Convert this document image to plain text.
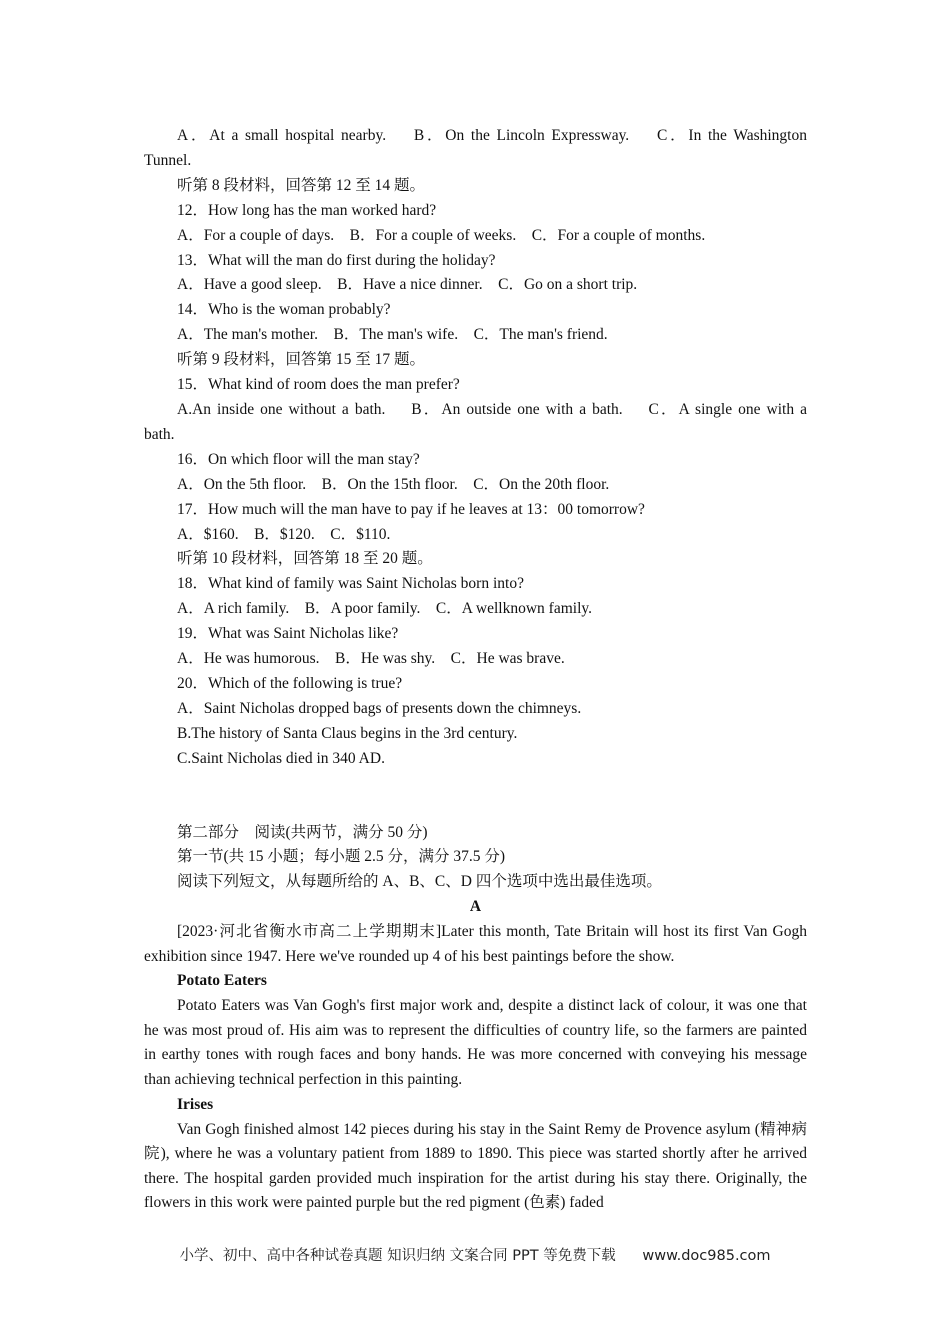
A．At a small hospital nearby.　 B．On the Lincoln Expressway.　 C．In the Washington
Tunnel.
听第 8 段材料，回答第 12 至 14 题。
12．How long has the man worked hard?
A．For a couple of days.　B．For a couple of weeks.　C．For a couple of months.
13．What will the man do first during the holiday?
A．Have a good sleep.　B．Have a nice dinner.　C．Go on a short trip.
14．Who is the woman probably?
A．The man's mother.　B．The man's wife.　C．The man's friend.
听第 9 段材料，回答第 15 至 17 题。
15．What kind of room does the man prefer?
A.An inside one without a bath.　 B．An outside one with a bath.　 C．A single one with a
bath.
16．On which floor will the man stay?
A．On the 5th floor.　B．On the 15th floor.　C．On the 20th floor.
17．How much will the man have to pay if he leaves at 13：00 tomorrow?
A．$160.　B．$120.　C．$110.
听第 10 段材料，回答第 18 至 20 题。
18．What kind of family was Saint Nicholas born into?
A．A rich family.　B．A poor family.　C．A wellknown family.
19．What was Saint Nicholas like?
A．He was humorous.　B．He was shy.　C．He was brave.
20．Which of the following is true?
A．Saint Nicholas dropped bags of presents down the chimneys.
B.The history of Santa Claus begins in the 3rd century.
C.Saint Nicholas died in 340 AD.
第二部分　阅读(共两节，满分 50 分)
第一节(共 15 小题；每小题 2.5 分，满分 37.5 分)
阅读下列短文，从每题所给的 A、B、C、D 四个选项中选出最佳选项。
A
[2023·河北省衡水市高二上学期期末]Later this month, Tate Britain will host its first Van Gogh exhibition since 1947. Here we've rounded up 4 of his best paintings before the show.
Potato Eaters
Potato Eaters was Van Gogh's first major work and, despite a distinct lack of colour, it was one that he was most proud of. His aim was to represent the difficulties of country life, so the farmers are painted in earthy tones with rough faces and bony hands. He was more concerned with conveying his message than achieving technical perfection in this painting.
Irises
Van Gogh finished almost 142 pieces during his stay in the Saint Remy de Provence asylum (精神病院), where he was a voluntary patient from 1889 to 1890. This piece was started shortly after he arrived there. The hospital garden provided much inspiration for the artist during his stay there. Originally, the flowers in this work were painted purple but the red pigment (色素) faded
小学、初中、高中各种试卷真题 知识归纳 文案合同 PPT 等免费下载 www.doc985.com
